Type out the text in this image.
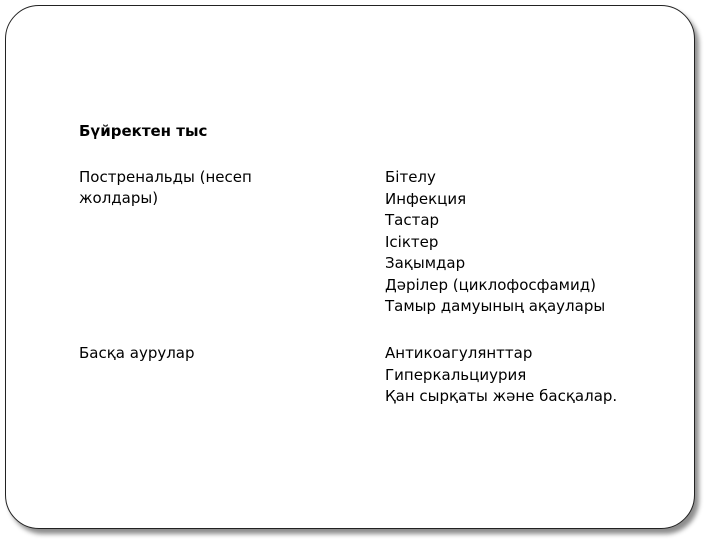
Бүйректен тыс
Постренальды (несеп
жолдары)
Бітелу
Инфекция
Тастар
Ісіктер
Зақымдар
Дәрілер (циклофосфамид)
Тамыр дамуының ақаулары
Басқа аурулар	Антикоагулянттар
Гиперкальциурия
Қан сырқаты және басқалар.
